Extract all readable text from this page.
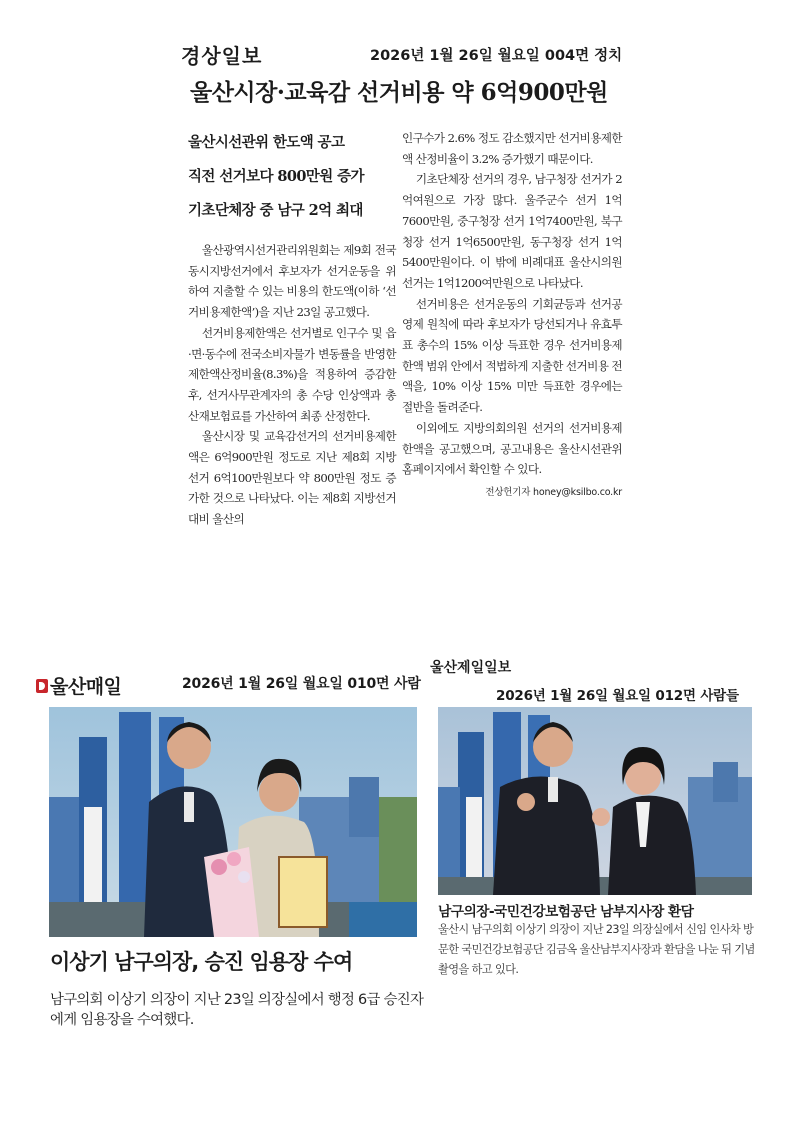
경상일보	2026년 1월 26일 월요일 004면 정치
울산시장·교육감 선거비용 약 6억900만원
울산시선관위 한도액 공고
직전 선거보다 800만원 증가
기초단체장 중 남구 2억 최대

울산광역시선거관리위원회는 제9회 전국동시지방선거에서 후보자가 선거운동을 위하여 지출할 수 있는 비용의 한도액(이하 ‘선거비용제한액’)을 지난 23일 공고했다.

선거비용제한액은 선거별로 인구수 및 읍·면·동수에 전국소비자물가 변동률을 반영한 제한액산정비율(8.3%)을 적용하여 증감한 후, 선거사무관계자의 총 수당 인상액과 총 산재보험료를 가산하여 최종 산정한다.

울산시장 및 교육감선거의 선거비용제한액은 6억900만원 정도로 지난 제8회 지방선거 6억100만원보다 약 800만원 정도 증가한 것으로 나타났다. 이는 제8회 지방선거 대비 울산의

인구수가 2.6% 정도 감소했지만 선거비용제한액 산정비율이 3.2% 증가했기 때문이다.

기초단체장 선거의 경우, 남구청장 선거가 2억여원으로 가장 많다. 울주군수 선거 1억7600만원, 중구청장 선거 1억7400만원, 북구청장 선거 1억6500만원, 동구청장 선거 1억5400만원이다. 이 밖에 비례대표 울산시의원 선거는 1억1200여만원으로 나타났다.

선거비용은 선거운동의 기회균등과 선거공영제 원칙에 따라 후보자가 당선되거나 유효투표 총수의 15% 이상 득표한 경우 선거비용제한액 범위 안에서 적법하게 지출한 선거비용 전액을, 10% 이상 15% 미만 득표한 경우에는 절반을 돌려준다.

이외에도 지방의회의원 선거의 선거비용제한액을 공고했으며, 공고내용은 울산시선관위 홈페이지에서 확인할 수 있다.

전상헌기자 honey@ksilbo.co.kr
울산매일	2026년 1월 26일 월요일 010면 사람
이상기 남구의장, 승진 임용장 수여
남구의회 이상기 의장이 지난 23일 의장실에서 행정 6급 승진자에게 임용장을 수여했다.
울산제일일보
2026년 1월 26일 월요일 012면 사람들
남구의장-국민건강보험공단 남부지사장 환담
울산시 남구의회 이상기 의장이 지난 23일 의장실에서 신임 인사차 방문한 국민건강보험공단 김금옥 울산남부지사장과 환담을 나눈 뒤 기념촬영을 하고 있다.
